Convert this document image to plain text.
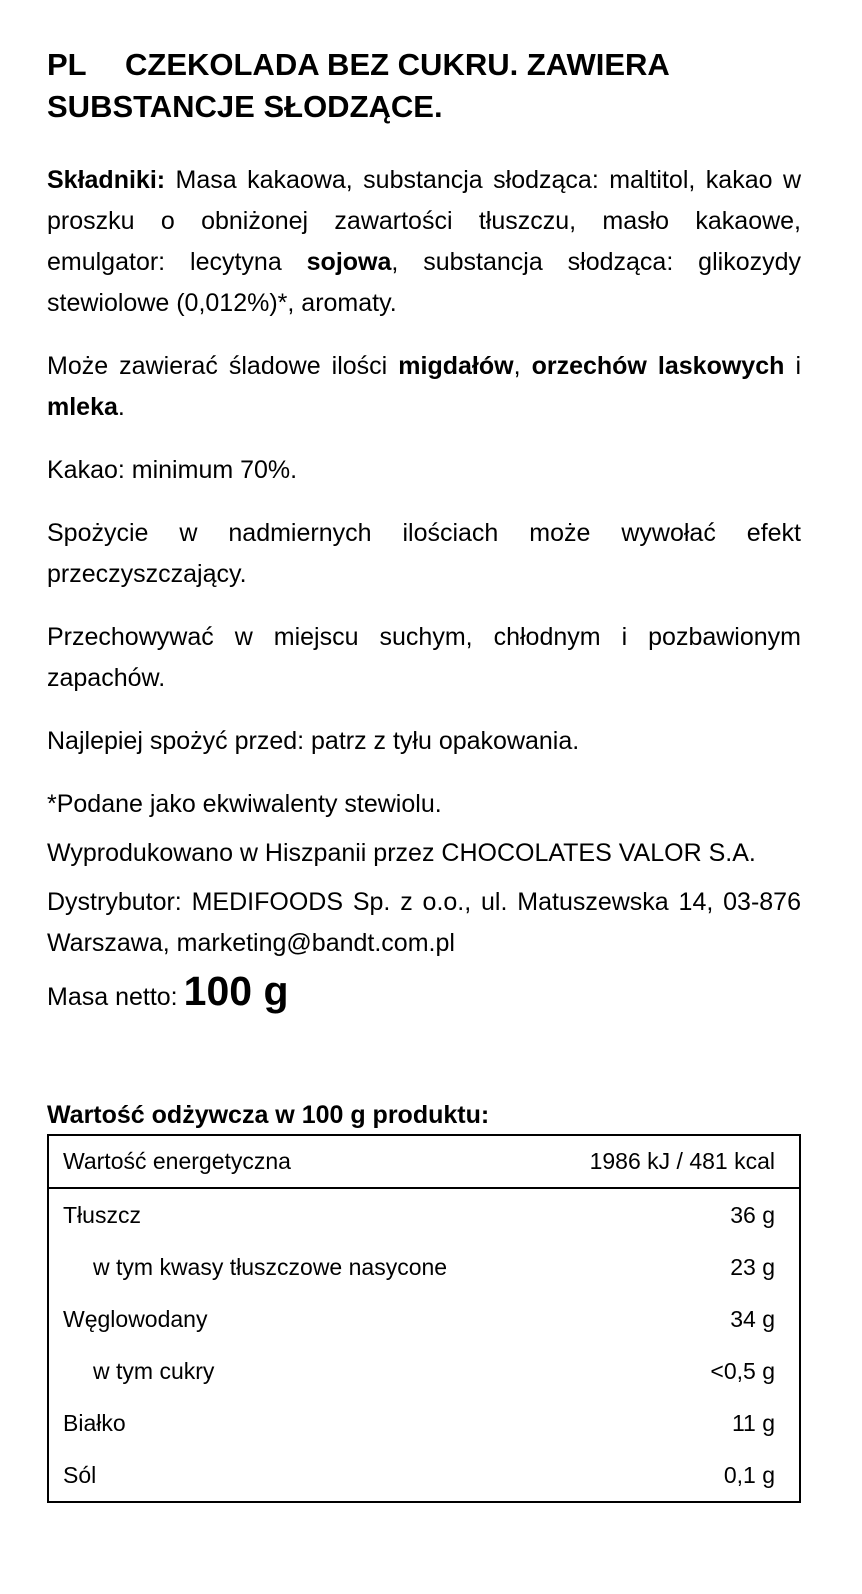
PL CZEKOLADA BEZ CUKRU. ZAWIERA SUBSTANCJE SŁODZĄCE.

Składniki: Masa kakaowa, substancja słodząca: maltitol, kakao w proszku o obniżonej zawartości tłuszczu, masło kakaowe, emulgator: lecytyna sojowa, substancja słodząca: glikozydy stewiolowe (0,012%)*, aromaty.

Może zawierać śladowe ilości migdałów, orzechów laskowych i mleka.

Kakao: minimum 70%.

Spożycie w nadmiernych ilościach może wywołać efekt przeczyszczający.

Przechowywać w miejscu suchym, chłodnym i pozbawionym zapachów.

Najlepiej spożyć przed: patrz z tyłu opakowania.

*Podane jako ekwiwalenty stewiolu.

Wyprodukowano w Hiszpanii przez CHOCOLATES VALOR S.A.

Dystrybutor: MEDIFOODS Sp. z o.o., ul. Matuszewska 14, 03-876 Warszawa, marketing@bandt.com.pl

Masa netto: 100 g
Wartość odżywcza w 100 g produktu:
Wartość energetyczna	1986 kJ / 481 kcal
Tłuszcz	36 g
w tym kwasy tłuszczowe nasycone	23 g
Węglowodany	34 g
w tym cukry	<0,5 g
Białko	11 g
Sól	0,1 g
